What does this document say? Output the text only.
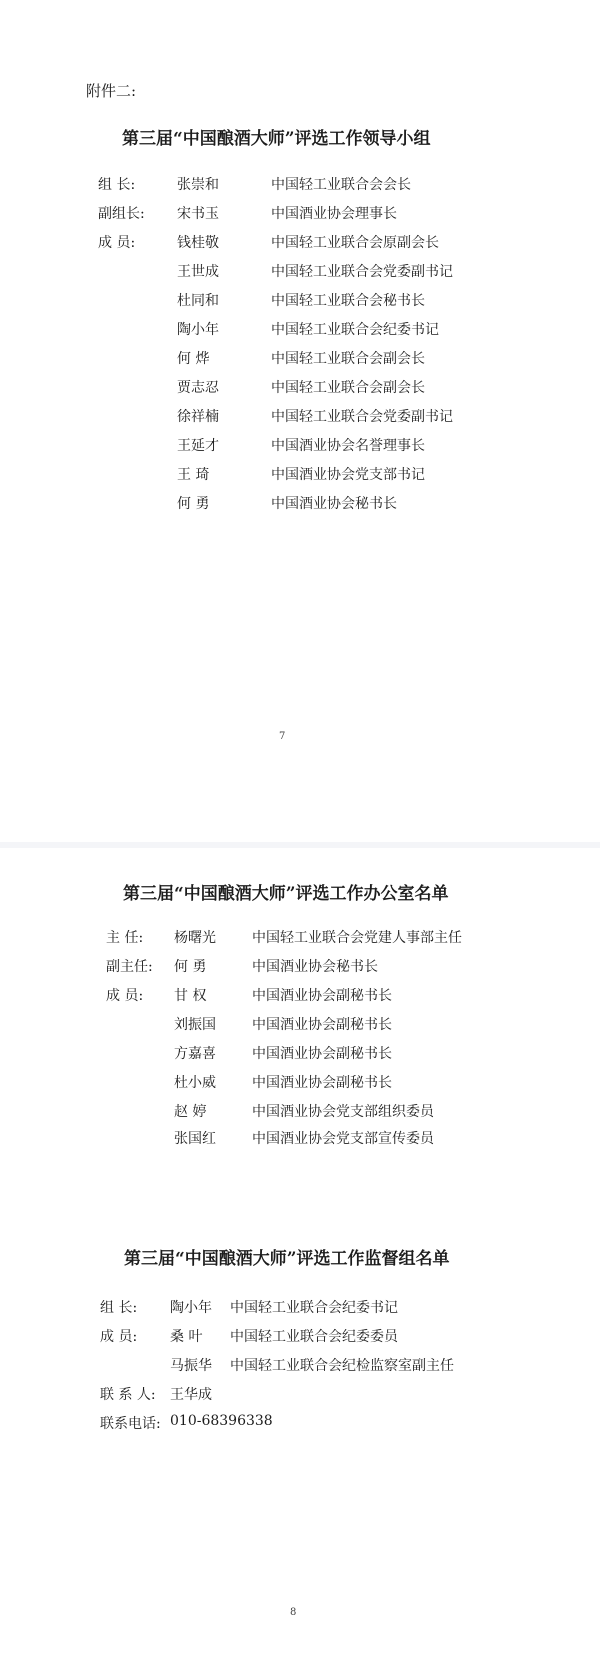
附件二:
第三届“中国酿酒大师”评选工作领导小组
组 长:	张崇和	中国轻工业联合会会长
副组长: 宋书玉	中国酒业协会理事长
成 员:	钱桂敬	中国轻工业联合会原副会长
王世成	中国轻工业联合会党委副书记
杜同和	中国轻工业联合会秘书长
陶小年	中国轻工业联合会纪委书记
何 烨	中国轻工业联合会副会长
贾志忍	中国轻工业联合会副会长
徐祥楠	中国轻工业联合会党委副书记
王延才	中国酒业协会名誉理事长
王 琦	中国酒业协会党支部书记
何 勇	中国酒业协会秘书长
7
第三届“中国酿酒大师”评选工作办公室名单
主 任: 杨曙光	中国轻工业联合会党建人事部主任
副主任: 何 勇	中国酒业协会秘书长
成 员: 甘 权	中国酒业协会副秘书长
刘振国	中国酒业协会副秘书长
方嘉喜	中国酒业协会副秘书长
杜小威	中国酒业协会副秘书长
赵 婷	中国酒业协会党支部组织委员
张国红	中国酒业协会党支部宣传委员
第三届“中国酿酒大师”评选工作监督组名单
组 长: 陶小年 中国轻工业联合会纪委书记
成 员: 桑 叶 中国轻工业联合会纪委委员
马振华 中国轻工业联合会纪检监察室副主任
联 系 人: 王华成
联系电话: 010-68396338
8
